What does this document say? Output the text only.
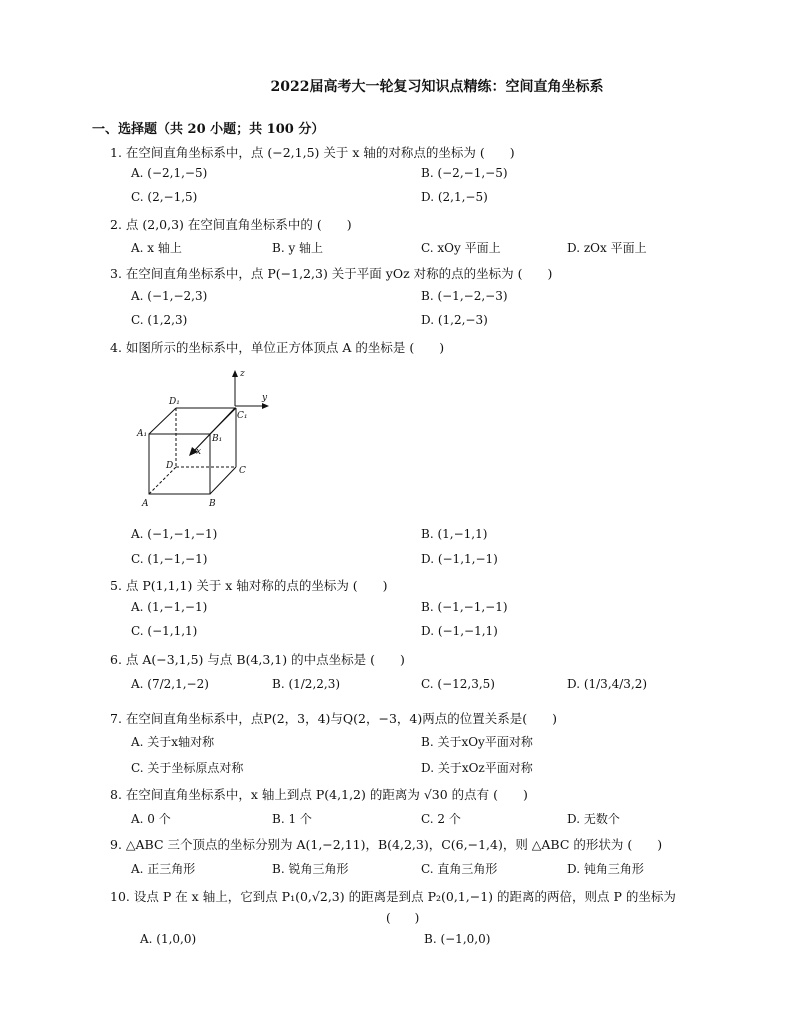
2022届高考大一轮复习知识点精练：空间直角坐标系
一、选择题（共 20 小题；共 100 分）
1. 在空间直角坐标系中，点 (−2,1,5) 关于 x 轴的对称点的坐标为 (　　)
A. (−2,1,−5)	B. (−2,−1,−5)
C. (2,−1,5)	D. (2,1,−5)
2. 点 (2,0,3) 在空间直角坐标系中的 (　　)
A. x 轴上	B. y 轴上	C. xOy 平面上	D. zOx 平面上
3. 在空间直角坐标系中，点 P(−1,2,3) 关于平面 yOz 对称的点的坐标为 (　　)
A. (−1,−2,3)	B. (−1,−2,−3)
C. (1,2,3)	D. (1,2,−3)
4. 如图所示的坐标系中，单位正方体顶点 A 的坐标是 (　　)
z
y
x
D₁
C₁
A₁	B₁
D	C
A	B
A. (−1,−1,−1)	B. (1,−1,1)
C. (1,−1,−1)	D. (−1,1,−1)
5. 点 P(1,1,1) 关于 x 轴对称的点的坐标为 (　　)
A. (1,−1,−1)	B. (−1,−1,−1)
C. (−1,1,1)	D. (−1,−1,1)
6. 点 A(−3,1,5) 与点 B(4,3,1) 的中点坐标是 (　　)
A. (7/2,1,−2)	B. (1/2,2,3)	C. (−12,3,5)	D. (1/3,4/3,2)
7. 在空间直角坐标系中，点P(2，3，4)与Q(2，−3，4)两点的位置关系是(　　)
A. 关于x轴对称	B. 关于xOy平面对称
C. 关于坐标原点对称	D. 关于xOz平面对称
8. 在空间直角坐标系中，x 轴上到点 P(4,1,2) 的距离为 √30 的点有 (　　)
A. 0 个	B. 1 个	C. 2 个	D. 无数个
9. △ABC 三个顶点的坐标分别为 A(1,−2,11)，B(4,2,3)，C(6,−1,4)，则 △ABC 的形状为 (　　)
A. 正三角形	B. 锐角三角形	C. 直角三角形	D. 钝角三角形
10. 设点 P 在 x 轴上，它到点 P₁(0,√2,3) 的距离是到点 P₂(0,1,−1) 的距离的两倍，则点 P 的坐标为
(　　)
A. (1,0,0)	B. (−1,0,0)
